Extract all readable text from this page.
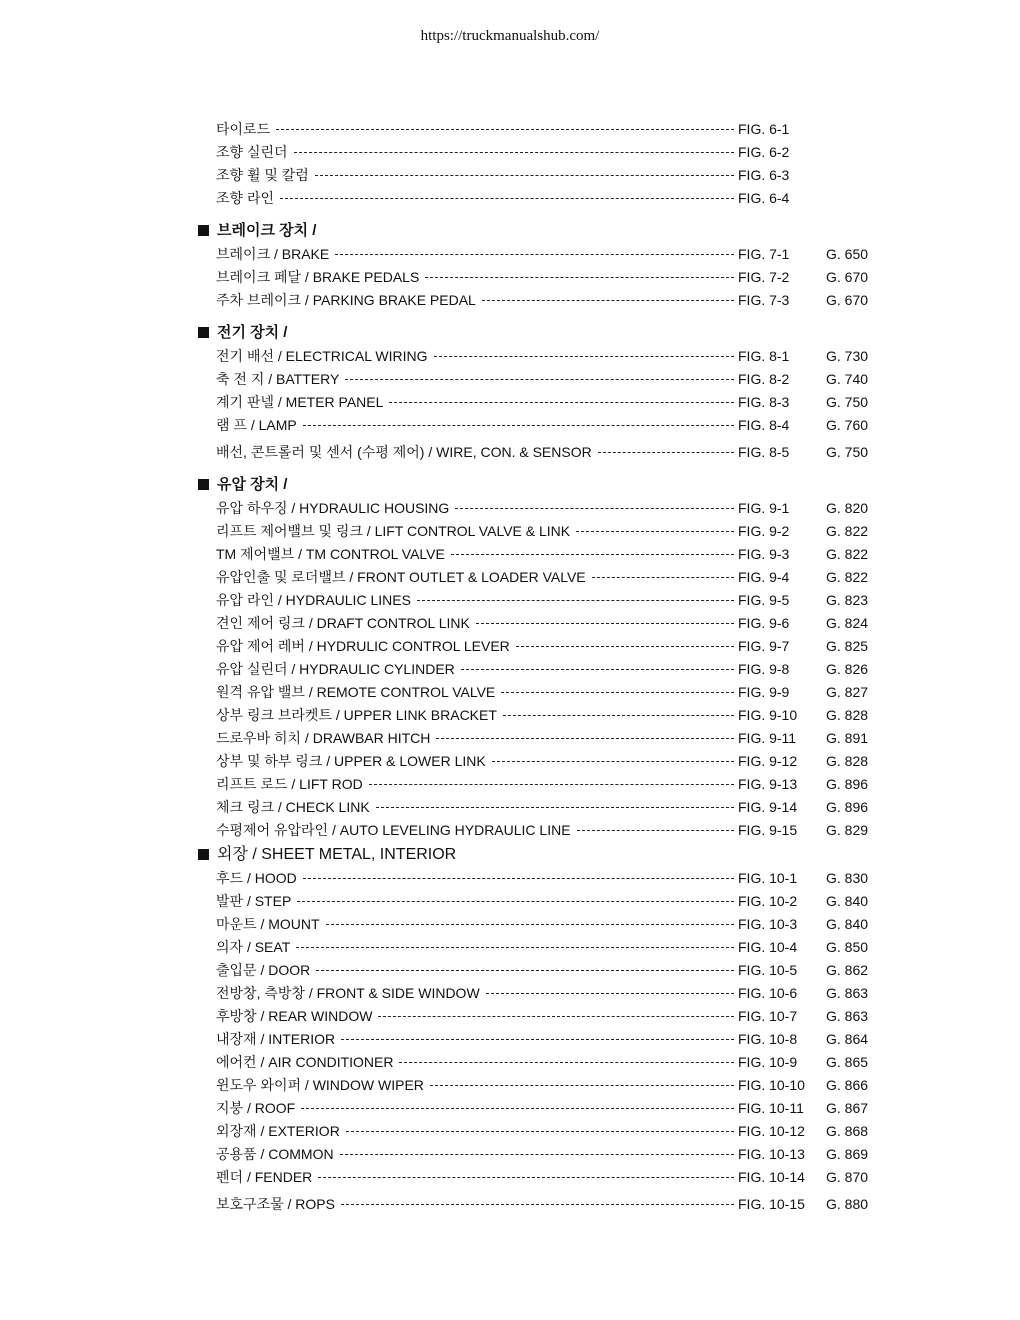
https://truckmanualshub.com/
타이로드	FIG. 6-1
조향 실린더	FIG. 6-2
조향 휠 및 칼럼	FIG. 6-3
조향 라인	FIG. 6-4
브레이크 장치 /
브레이크 / BRAKE	FIG. 7-1	G. 650
브레이크 페달 / BRAKE PEDALS	FIG. 7-2	G. 670
주차 브레이크 / PARKING BRAKE PEDAL	FIG. 7-3	G. 670
전기 장치 /
전기 배선 / ELECTRICAL WIRING	FIG. 8-1	G. 730
축 전 지 / BATTERY	FIG. 8-2	G. 740
계기 판넬 / METER PANEL	FIG. 8-3	G. 750
램 프 / LAMP	FIG. 8-4	G. 760
배선, 콘트롤러 및 센서 (수평 제어) / WIRE, CON. & SENSOR	FIG. 8-5	G. 750
유압 장치 /
유압 하우징 / HYDRAULIC HOUSING	FIG. 9-1	G. 820
리프트 제어밸브 및 링크 / LIFT CONTROL VALVE & LINK	FIG. 9-2	G. 822
TM 제어밸브 / TM CONTROL VALVE	FIG. 9-3	G. 822
유압인출 및 로더밸브 / FRONT OUTLET & LOADER VALVE	FIG. 9-4	G. 822
유압 라인 / HYDRAULIC LINES	FIG. 9-5	G. 823
견인 제어 링크 / DRAFT CONTROL LINK	FIG. 9-6	G. 824
유압 제어 레버 / HYDRULIC CONTROL LEVER	FIG. 9-7	G. 825
유압 실린더 / HYDRAULIC CYLINDER	FIG. 9-8	G. 826
원격 유압 밸브 / REMOTE CONTROL VALVE	FIG. 9-9	G. 827
상부 링크 브라켓트 / UPPER LINK BRACKET	FIG. 9-10	G. 828
드로우바 히치 / DRAWBAR HITCH	FIG. 9-11	G. 891
상부 및 하부 링크 / UPPER & LOWER LINK	FIG. 9-12	G. 828
리프트 로드 / LIFT ROD	FIG. 9-13	G. 896
체크 링크 / CHECK LINK	FIG. 9-14	G. 896
수평제어 유압라인 / AUTO LEVELING HYDRAULIC LINE	FIG. 9-15	G. 829
외장 / SHEET METAL, INTERIOR
후드 / HOOD	FIG. 10-1	G. 830
발판 / STEP	FIG. 10-2	G. 840
마운트 / MOUNT	FIG. 10-3	G. 840
의자 / SEAT	FIG. 10-4	G. 850
출입문 / DOOR	FIG. 10-5	G. 862
전방창, 측방창 / FRONT & SIDE WINDOW	FIG. 10-6	G. 863
후방창 / REAR WINDOW	FIG. 10-7	G. 863
내장재 / INTERIOR	FIG. 10-8	G. 864
에어컨 / AIR CONDITIONER	FIG. 10-9	G. 865
윈도우 와이퍼 / WINDOW WIPER	FIG. 10-10	G. 866
지붕 / ROOF	FIG. 10-11	G. 867
외장재 / EXTERIOR	FIG. 10-12	G. 868
공용품 / COMMON	FIG. 10-13	G. 869
펜더 / FENDER	FIG. 10-14	G. 870
보호구조물 / ROPS	FIG. 10-15	G. 880
